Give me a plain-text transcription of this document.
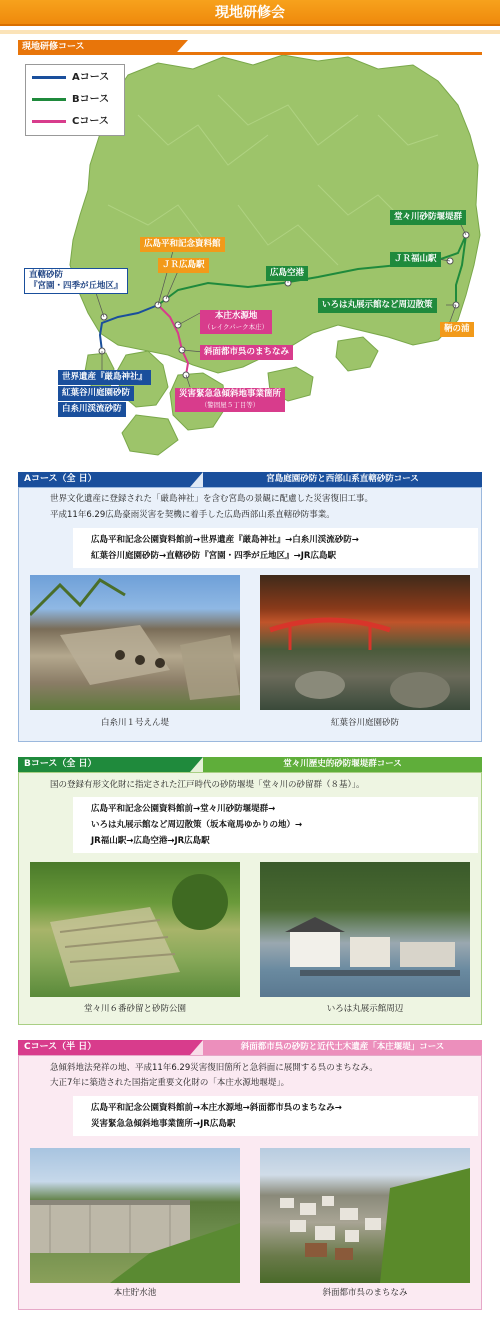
現地研修会
現地研修コース
Aコース
Bコース
Cコース
広島平和記念資料館
ＪＲ広島駅
直轄砂防
『宮園・四季が丘地区』
本庄水源地
（レイクパーク本庄）
斜面都市呉のまちなみ
災害緊急急傾斜地事業箇所
（警固屋５丁目等）
世界遺産『厳島神社』
紅葉谷川庭園砂防
白糸川渓流砂防
広島空港
ＪＲ福山駅
堂々川砂防堰堤群
いろは丸展示館など周辺散策
鞆の浦
Aコース（全 日）	宮島庭園砂防と西部山系直轄砂防コース
世界文化遺産に登録された「厳島神社」を含む宮島の景観に配慮した災害復旧工事。
平成11年6.29広島豪雨災害を契機に着手した広島西部山系直轄砂防事業。
広島平和記念公園資料館前→世界遺産『厳島神社』→白糸川渓流砂防→
紅葉谷川庭園砂防→直轄砂防『宮園・四季が丘地区』→JR広島駅
白糸川１号えん堤	紅葉谷川庭園砂防
Bコース（全 日）	堂々川歴史的砂防堰堤群コース
国の登録有形文化財に指定された江戸時代の砂防堰堤「堂々川の砂留群（８基）」。
広島平和記念公園資料館前→堂々川砂防堰堤群→
いろは丸展示館など周辺散策（坂本竜馬ゆかりの地）→
JR福山駅→広島空港→JR広島駅
堂々川６番砂留と砂防公園	いろは丸展示館周辺
Cコース（半 日）	斜面都市呉の砂防と近代土木遺産「本庄堰堤」コース
急傾斜地法発祥の地、平成11年6.29災害復旧箇所と急斜面に展開する呉のまちなみ。
大正7年に築造された国指定重要文化財の「本庄水源地堰堤」。
広島平和記念公園資料館前→本庄水源地→斜面都市呉のまちなみ→
災害緊急急傾斜地事業箇所→JR広島駅
本庄貯水池	斜面都市呉のまちなみ
